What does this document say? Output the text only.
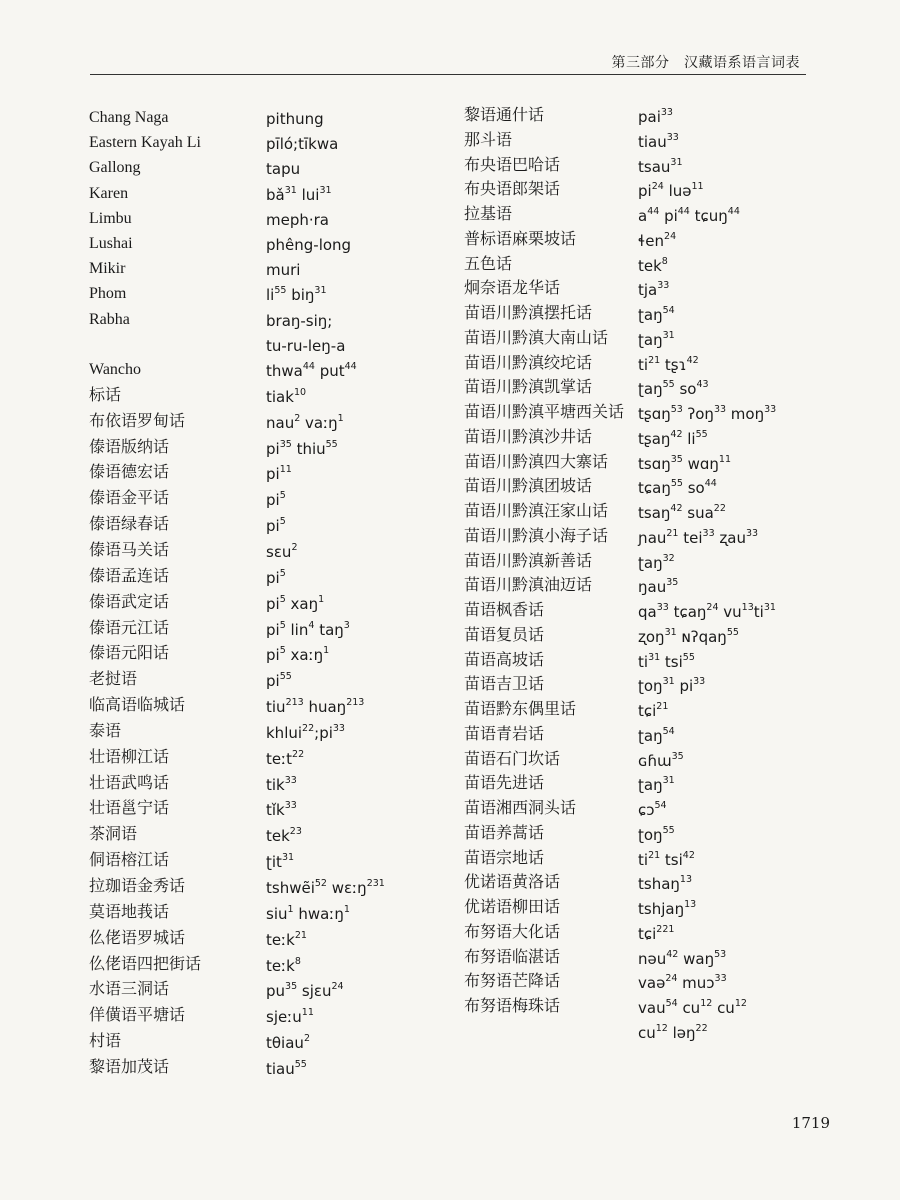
第三部分　汉藏语系语言词表
Chang Naga	pithung
Eastern Kayah Li	pīló;tīkwa
Gallong	tapu
Karen	$bǎ^{31}$ lui$^{31}$
Limbu	meph·ra
Lushai	phêng-long
Mikir	muri
Phom	$li^{55}$ biŋ$^{31}$
Rabha	braŋ-siŋ;
tu-ru-leŋ-a
Wancho	thwa$^{44}$ put$^{44}$
标话	tiak$^{10}$
布依语罗甸话	nau$^2$ vaːŋ$^1$
傣语版纳话	$pi^{35}$ thiu$^{55}$
傣语德宏话	$pi^{11}$
傣语金平话	$pi^5$
傣语绿春话	$pi^5$
傣语马关话	sɛu$^2$
傣语孟连话	$pi^5$
傣语武定话	$pi^5$ xaŋ$^1$
傣语元江话	$pi^5$ lin$^4$ taŋ$^3$
傣语元阳话	$pi^5$ xaːŋ$^1$
老挝语	$pi^{55}$
临高语临城话	tiu$^{213}$ huaŋ$^{213}$
泰语	$khlui^{22};pi^{33}$
壮语柳江话	teːt$^{22}$
壮语武鸣话	tik$^{33}$
壮语邕宁话	tǐk$^{33}$
茶洞语	tek$^{23}$
侗语榕江话	ʈit$^{31}$
拉珈语金秀话	tshwẽi$^{52}$ wɛːŋ$^{231}$
莫语地莪话	siu$^1$ hwaːŋ$^1$
仫佬语罗城话	teːk$^{21}$
仫佬语四把街话	teːk$^8$
水语三洞话	$pu^{35}$ sjɛu$^{24}$
佯僙语平塘话	sjeːu$^{11}$
村语	tθiau$^2$
黎语加茂话	tiau$^{55}$
黎语通什话	pai$^{33}$
那斗语	tiau$^{33}$
布央语巴哈话	tsau$^{31}$
布央语郎架话	$pi^{24}$ luə$^{11}$
拉基语	$a^{44}$ $pi^{44}$ tɕuŋ$^{44}$
普标语麻栗坡话	ɬen$^{24}$
五色话	tek$^8$
炯奈语龙华话	tja$^{33}$
苗语川黔滇摆托话	ʈaŋ$^{54}$
苗语川黔滇大南山话 ʈaŋ$^{31}$
苗语川黔滇绞坨话	$ti^{21}$ tʂɿ$^{42}$
苗语川黔滇凯掌话	ʈaŋ$^{55}$ $so^{43}$
苗语川黔滇平塘西关话 tʂɑŋ$^{53}$ ʔoŋ$^{33}$ moŋ$^{33}$
苗语川黔滇沙井话	tʂaŋ$^{42}$ $li^{55}$
苗语川黔滇四大寨话 tsɑŋ$^{35}$ wɑŋ$^{11}$
苗语川黔滇团坡话	tɕaŋ$^{55}$ $so^{44}$
苗语川黔滇汪家山话 tsaŋ$^{42}$ sua$^{22}$
苗语川黔滇小海子话 ɲau$^{21}$ tei$^{33}$ ʐau$^{33}$
苗语川黔滇新善话	ʈaŋ$^{32}$
苗语川黔滇油迈话	ŋau$^{35}$
苗语枫香话	$qa^{33}$ tɕaŋ$^{24}$ $vu^{13}ti^{31}$
苗语复员话	ʐoŋ$^{31}$ ɴʔqaŋ$^{55}$
苗语高坡话	$ti^{31}$ tsi$^{55}$
苗语吉卫话	ʈoŋ$^{31}$ $pi^{33}$
苗语黔东偶里话	tɕi$^{21}$
苗语青岩话	ʈaŋ$^{54}$
苗语石门坎话	ɢɦɯ$^{35}$
苗语先进话	ʈaŋ$^{31}$
苗语湘西洞头话	ɕɔ$^{54}$
苗语养蒿话	ʈoŋ$^{55}$
苗语宗地话	$ti^{21}$ tsi$^{42}$
优诺语黄洛话	tshaŋ$^{13}$
优诺语柳田话	tshjaŋ$^{13}$
布努语大化话	tɕi$^{221}$
布努语临湛话	nəu$^{42}$ waŋ$^{53}$
布努语芒降话	vaə$^{24}$ muɔ$^{33}$
布努语梅珠话	vau$^{54}$ $cu^{12}$ $cu^{12}$
$cu^{12}$ ləŋ$^{22}$
1719
